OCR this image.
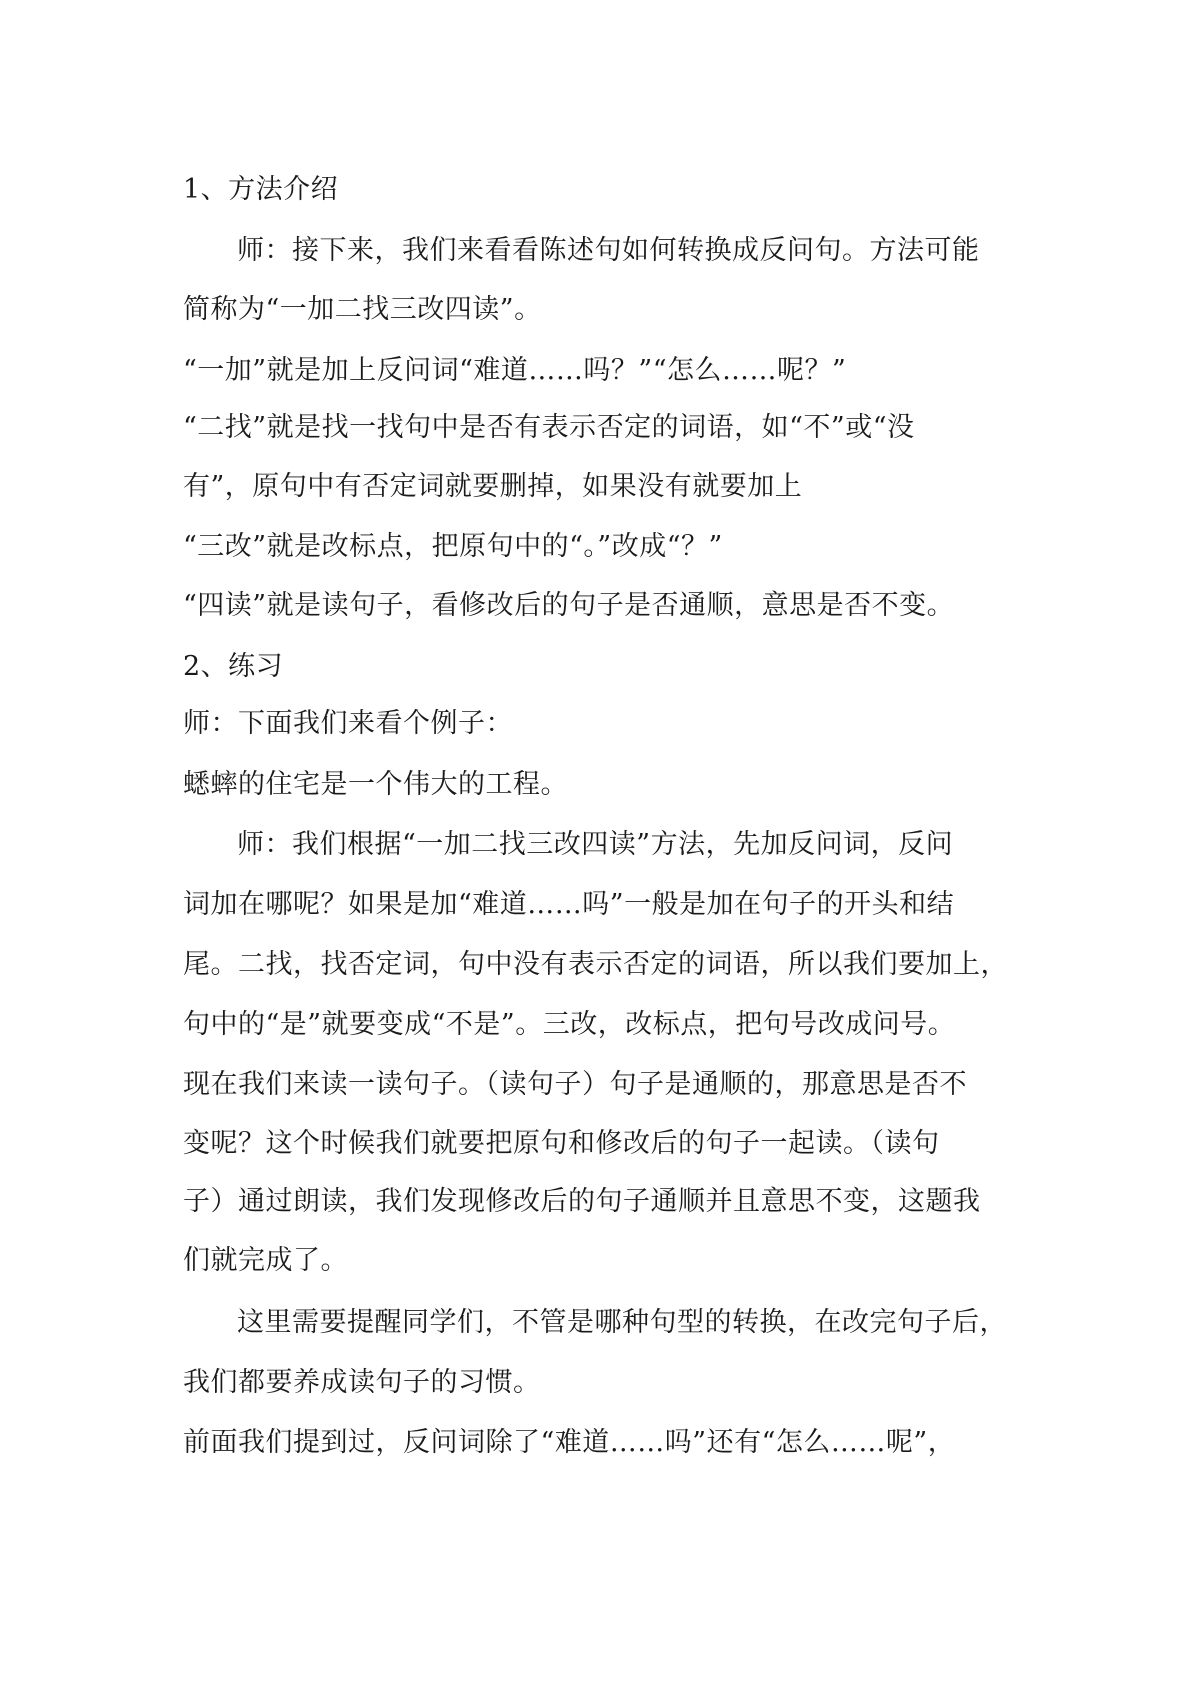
1、方法介绍
师：接下来，我们来看看陈述句如何转换成反问句。方法可能
简称为“一加二找三改四读”。
“一加”就是加上反问词“难道……吗？”“怎么……呢？”
“二找”就是找一找句中是否有表示否定的词语，如“不”或“没
有”，原句中有否定词就要删掉，如果没有就要加上
“三改”就是改标点，把原句中的“。”改成“？”
“四读”就是读句子，看修改后的句子是否通顺，意思是否不变。
2、练习
师：下面我们来看个例子：
蟋蟀的住宅是一个伟大的工程。
师：我们根据“一加二找三改四读”方法，先加反问词，反问
词加在哪呢？如果是加“难道……吗”一般是加在句子的开头和结
尾。二找，找否定词，句中没有表示否定的词语，所以我们要加上，
句中的“是”就要变成“不是”。三改，改标点，把句号改成问号。
现在我们来读一读句子。（读句子）句子是通顺的，那意思是否不
变呢？这个时候我们就要把原句和修改后的句子一起读。（读句
子）通过朗读，我们发现修改后的句子通顺并且意思不变，这题我
们就完成了。
这里需要提醒同学们，不管是哪种句型的转换，在改完句子后，
我们都要养成读句子的习惯。
前面我们提到过，反问词除了“难道……吗”还有“怎么……呢”，
